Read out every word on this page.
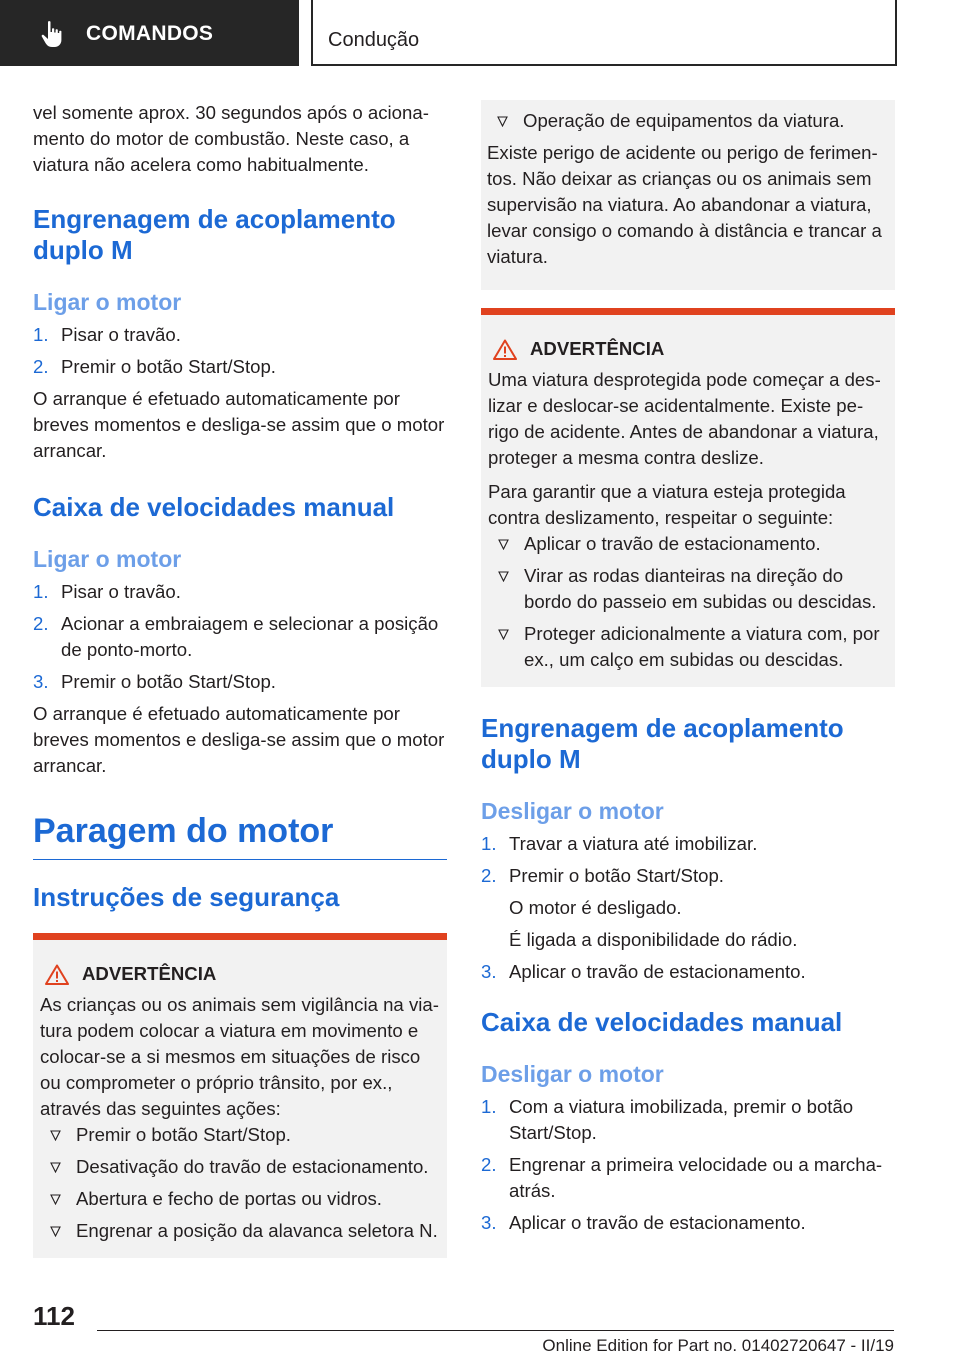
COMANDOS	Condução

vel somente aprox. 30 segundos após o acionamento do motor de combustão. Neste caso, a viatura não acelera como habitualmente.

Engrenagem de acoplamento duplo M
Ligar o motor
1. Pisar o travão.
2. Premir o botão Start/Stop.

O arranque é efetuado automaticamente por breves momentos e desliga-se assim que o motor arrancar.

Caixa de velocidades manual
Ligar o motor
1. Pisar o travão.
2. Acionar a embraiagem e selecionar a posição de ponto-morto.
3. Premir o botão Start/Stop.

O arranque é efetuado automaticamente por breves momentos e desliga-se assim que o motor arrancar.

Paragem do motor
Instruções de segurança
ADVERTÊNCIA

As crianças ou os animais sem vigilância na viatura podem colocar a viatura em movimento e colocar-se a si mesmos em situações de risco ou comprometer o próprio trânsito, por ex., através das seguintes ações:

Premir o botão Start/Stop.
Desativação do travão de estacionamento.
Abertura e fecho de portas ou vidros.
Engrenar a posição da alavanca seletora N.
Operação de equipamentos da viatura.

Existe perigo de acidente ou perigo de ferimentos. Não deixar as crianças ou os animais sem supervisão na viatura. Ao abandonar a viatura, levar consigo o comando à distância e trancar a viatura.

ADVERTÊNCIA

Uma viatura desprotegida pode começar a deslizar e deslocar-se acidentalmente. Existe perigo de acidente. Antes de abandonar a viatura, proteger a mesma contra deslize.

Para garantir que a viatura esteja protegida contra deslizamento, respeitar o seguinte:

Aplicar o travão de estacionamento.
Virar as rodas dianteiras na direção do bordo do passeio em subidas ou descidas.
Proteger adicionalmente a viatura com, por ex., um calço em subidas ou descidas.
Engrenagem de acoplamento duplo M
Desligar o motor
1. Travar a viatura até imobilizar.
2. Premir o botão Start/Stop.
O motor é desligado.
É ligada a disponibilidade do rádio.
3. Aplicar o travão de estacionamento.
Caixa de velocidades manual
Desligar o motor
1. Com a viatura imobilizada, premir o botão Start/Stop.
2. Engrenar a primeira velocidade ou a marcha-atrás.
3. Aplicar o travão de estacionamento.
112
Online Edition for Part no. 01402720647 - II/19
